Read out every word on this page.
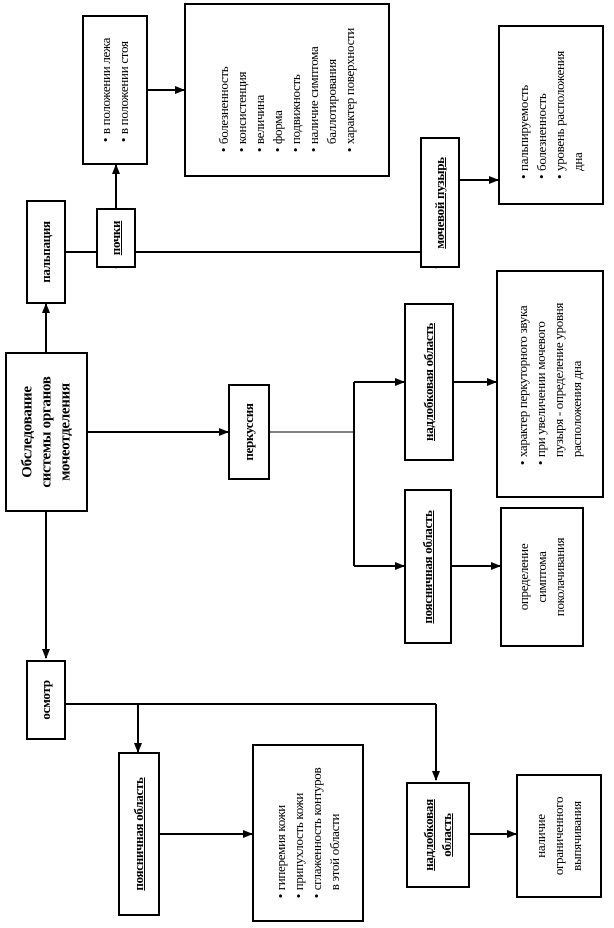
Обследование системы органов мочеотделения
пальпация	почки
•в положении лежа
•в положении стоя
•болезненность
•консистенция
•величина
•форма
•подвижность
•наличие симптома баллотирования
•характер поверхности
мочевой пузырь	•пальпируемость
•болезненность
•уровень расположения дна
перкуссия	надлобковая область
•характер перкуторного звука
•при увеличении мочевого пузыря - определение уровня расположения дна
поясничная область	определение симптома поколачивания
осмотр
поясничная область
•гиперемия кожи
•припухлость кожи
•сглаженность контуров в этой области	надлобковая область	наличие ограниченного выпячивания
